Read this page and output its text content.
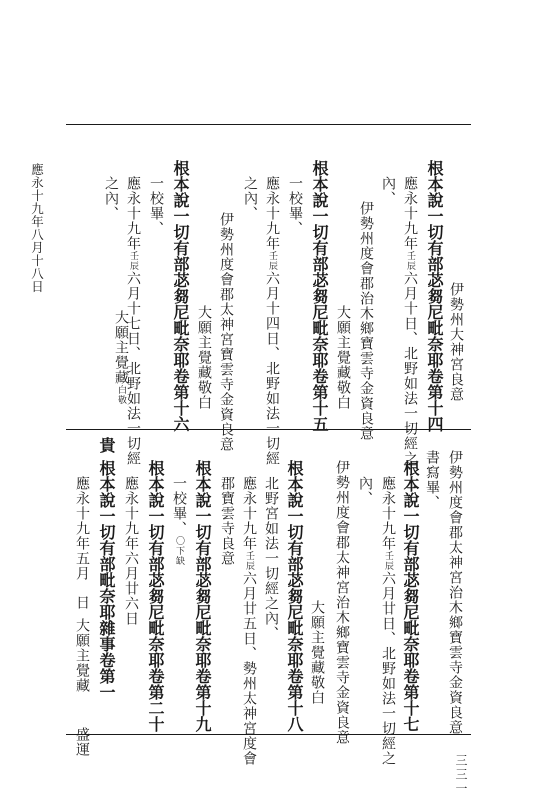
應永十九年八月十八日
伊勢州大神宮良意
根本說一切有部苾芻尼毗奈耶卷第十四
應永十九年壬辰六月十日、北野如法一切經之
內、
伊勢州度會郡治木鄉寶雲寺金資良意
大願主覺藏敬白
根本說一切有部苾芻尼毗奈耶卷第十五
一校畢、
應永十九年壬辰六月十四日、北野如法一切經
之內、
伊勢州度會郡太神宮寶雲寺金資良意
大願主覺藏敬白
根本說一切有部苾芻尼毗奈耶卷第十六
一校畢、
應永十九年壬辰六月十七日、北野如法一切經
之內、
大願主覺藏白敬
伊勢州度會郡太神宮治木鄉寶雲寺金資良意
書寫畢、
根本說一切有部苾芻尼毗奈耶卷第十七
應永十九年壬辰六月廿日、北野如法一切經之
內、
伊勢州度會郡太神宮治木鄉寶雲寺金資良意
大願主覺藏敬白
根本說一切有部苾芻尼毗奈耶卷第十八
北野宮如法一切經之內、
應永十九年壬辰六月廿五日、勢州太神宮度會
郡寶雲寺良意
根本說一切有部苾芻尼毗奈耶卷第十九
一校畢、〇下缺
根本說一切有部苾芻尼毗奈耶卷第二十
應永十九年六月廿六日
貴
根本說一切有部毗奈耶雜事卷第一
應永十九年五月日大願主覺藏盛運
三三一
